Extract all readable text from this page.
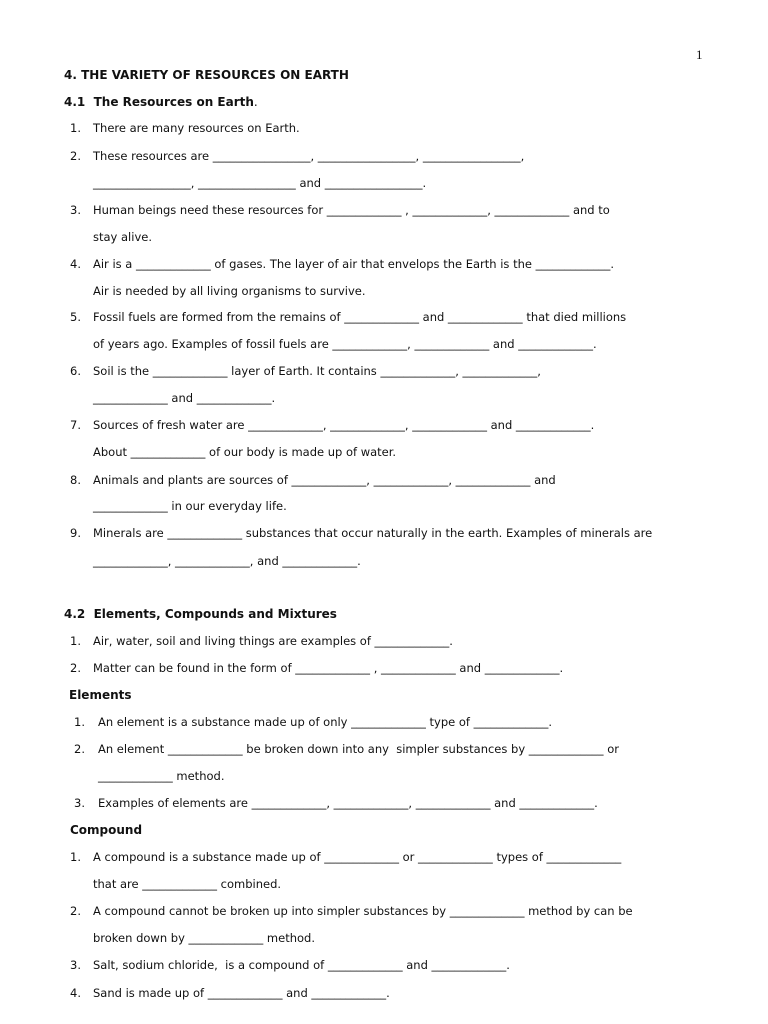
1
4. THE VARIETY OF RESOURCES ON EARTH
4.1  The Resources on Earth.
1. There are many resources on Earth.
2. These resources are _________________, _________________, _________________,
_________________, _________________ and _________________.
3. Human beings need these resources for _____________ , _____________, _____________ and to
stay alive.
4. Air is a _____________ of gases. The layer of air that envelops the Earth is the _____________.
Air is needed by all living organisms to survive.
5. Fossil fuels are formed from the remains of _____________ and _____________ that died millions
of years ago. Examples of fossil fuels are _____________, _____________ and _____________.
6. Soil is the _____________ layer of Earth. It contains _____________, _____________,
_____________ and _____________.
7. Sources of fresh water are _____________, _____________, _____________ and _____________.
About _____________ of our body is made up of water.
8. Animals and plants are sources of _____________, _____________, _____________ and
_____________ in our everyday life.
9. Minerals are _____________ substances that occur naturally in the earth. Examples of minerals are
_____________, _____________, and _____________.
4.2  Elements, Compounds and Mixtures
1. Air, water, soil and living things are examples of _____________.
2. Matter can be found in the form of _____________ , _____________ and _____________.
Elements
1. An element is a substance made up of only _____________ type of _____________.
2. An element _____________ be broken down into any  simpler substances by _____________ or
_____________ method.
3. Examples of elements are _____________, _____________, _____________ and _____________.
Compound
1. A compound is a substance made up of _____________ or _____________ types of _____________
that are _____________ combined.
2. A compound cannot be broken up into simpler substances by _____________ method by can be
broken down by _____________ method.
3. Salt, sodium chloride,  is a compound of _____________ and _____________.
4. Sand is made up of _____________ and _____________.
